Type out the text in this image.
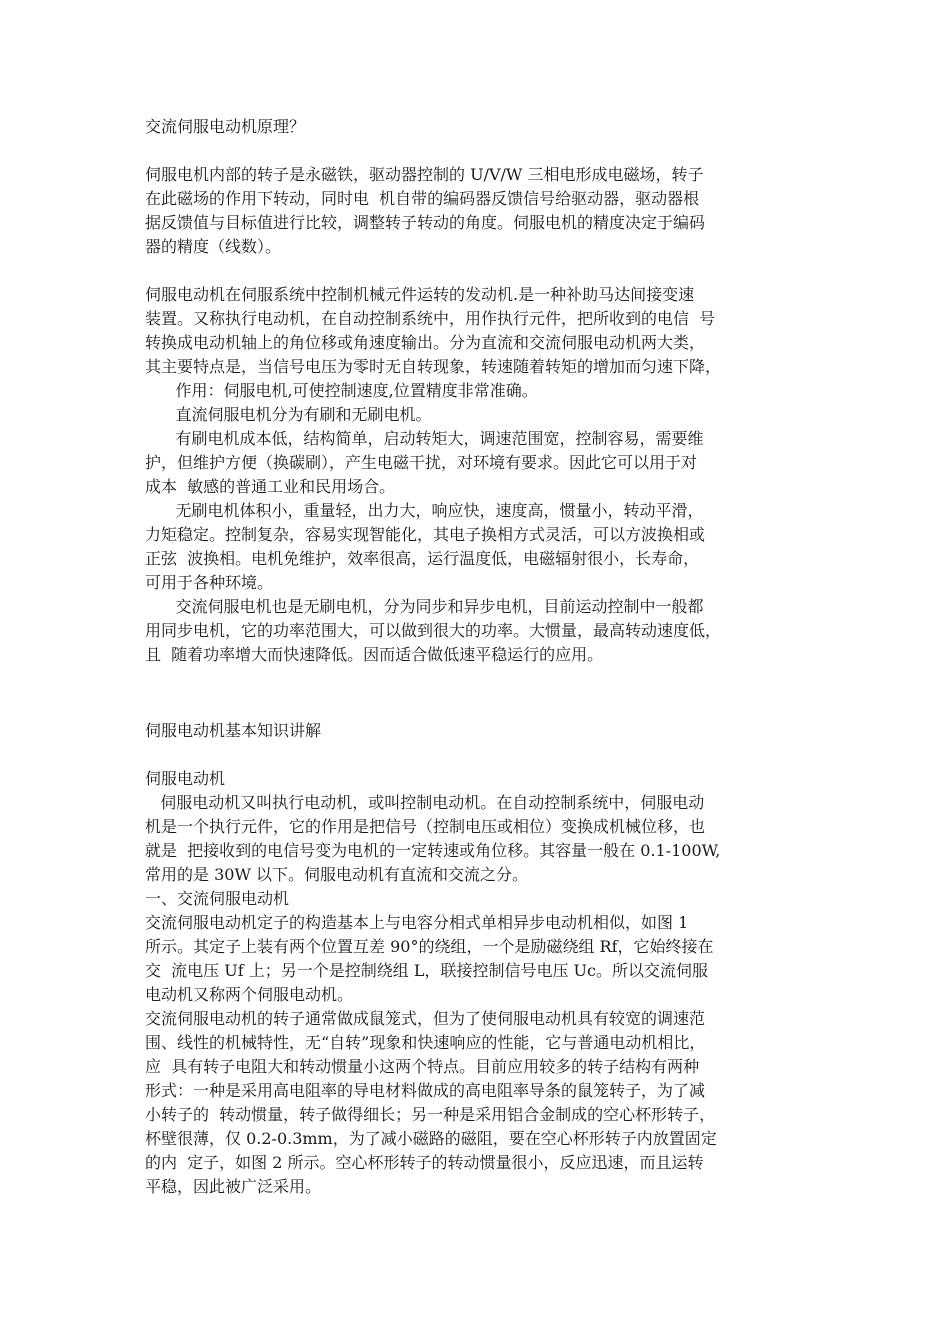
交流伺服电动机原理？
伺服电机内部的转子是永磁铁，驱动器控制的 U/V/W 三相电形成电磁场，转子
在此磁场的作用下转动，同时电  机自带的编码器反馈信号给驱动器，驱动器根
据反馈值与目标值进行比较，调整转子转动的角度。伺服电机的精度决定于编码
器的精度（线数）。
伺服电动机在伺服系统中控制机械元件运转的发动机.是一种补助马达间接变速
装置。又称执行电动机，在自动控制系统中，用作执行元件，把所收到的电信  号
转换成电动机轴上的角位移或角速度输出。分为直流和交流伺服电动机两大类，
其主要特点是，当信号电压为零时无自转现象，转速随着转矩的增加而匀速下降，
作用：伺服电机,可使控制速度,位置精度非常准确。
直流伺服电机分为有刷和无刷电机。
有刷电机成本低，结构简单，启动转矩大，调速范围宽，控制容易，需要维
护，但维护方便（换碳刷），产生电磁干扰，对环境有要求。因此它可以用于对
成本  敏感的普通工业和民用场合。
无刷电机体积小，重量轻，出力大，响应快，速度高，惯量小，转动平滑，
力矩稳定。控制复杂，容易实现智能化，其电子换相方式灵活，可以方波换相或
正弦  波换相。电机免维护，效率很高，运行温度低，电磁辐射很小，长寿命，
可用于各种环境。
交流伺服电机也是无刷电机，分为同步和异步电机，目前运动控制中一般都
用同步电机，它的功率范围大，可以做到很大的功率。大惯量，最高转动速度低，
且  随着功率增大而快速降低。因而适合做低速平稳运行的应用。
伺服电动机基本知识讲解
伺服电动机
伺服电动机又叫执行电动机，或叫控制电动机。在自动控制系统中，伺服电动
机是一个执行元件，它的作用是把信号（控制电压或相位）变换成机械位移，也
就是  把接收到的电信号变为电机的一定转速或角位移。其容量一般在 0.1-100W,
常用的是 30W 以下。伺服电动机有直流和交流之分。
一、交流伺服电动机
交流伺服电动机定子的构造基本上与电容分相式单相异步电动机相似，如图 1
所示。其定子上装有两个位置互差 90°的绕组，一个是励磁绕组 Rf，它始终接在
交  流电压 Uf 上；另一个是控制绕组 L，联接控制信号电压 Uc。所以交流伺服
电动机又称两个伺服电动机。
交流伺服电动机的转子通常做成鼠笼式，但为了使伺服电动机具有较宽的调速范
围、线性的机械特性，无“自转”现象和快速响应的性能，它与普通电动机相比，
应  具有转子电阻大和转动惯量小这两个特点。目前应用较多的转子结构有两种
形式：一种是采用高电阻率的导电材料做成的高电阻率导条的鼠笼转子，为了减
小转子的  转动惯量，转子做得细长；另一种是采用铝合金制成的空心杯形转子，
杯壁很薄，仅 0.2-0.3mm，为了减小磁路的磁阻，要在空心杯形转子内放置固定
的内  定子，如图 2 所示。空心杯形转子的转动惯量很小，反应迅速，而且运转
平稳，因此被广泛采用。
